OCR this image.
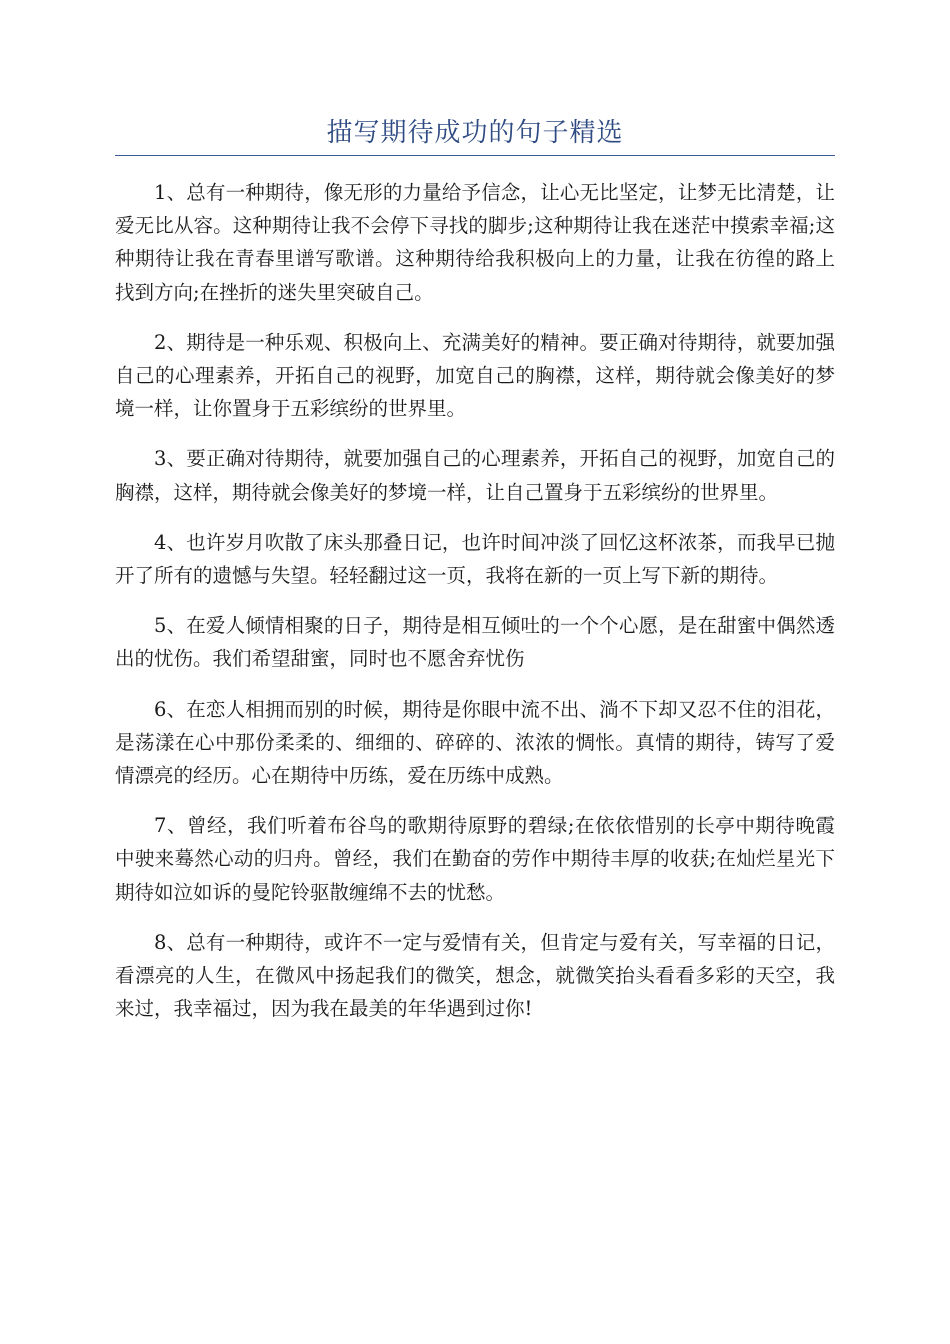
描写期待成功的句子精选

1、总有一种期待，像无形的力量给予信念，让心无比坚定，让梦无比清楚，让爱无比从容。这种期待让我不会停下寻找的脚步;这种期待让我在迷茫中摸索幸福;这种期待让我在青春里谱写歌谱。这种期待给我积极向上的力量，让我在彷徨的路上找到方向;在挫折的迷失里突破自己。

2、期待是一种乐观、积极向上、充满美好的精神。要正确对待期待，就要加强自己的心理素养，开拓自己的视野，加宽自己的胸襟，这样，期待就会像美好的梦境一样，让你置身于五彩缤纷的世界里。

3、要正确对待期待，就要加强自己的心理素养，开拓自己的视野，加宽自己的胸襟，这样，期待就会像美好的梦境一样，让自己置身于五彩缤纷的世界里。

4、也许岁月吹散了床头那叠日记，也许时间冲淡了回忆这杯浓茶，而我早已抛开了所有的遗憾与失望。轻轻翻过这一页，我将在新的一页上写下新的期待。

5、在爱人倾情相聚的日子，期待是相互倾吐的一个个心愿，是在甜蜜中偶然透出的忧伤。我们希望甜蜜，同时也不愿舍弃忧伤

6、在恋人相拥而别的时候，期待是你眼中流不出、淌不下却又忍不住的泪花，是荡漾在心中那份柔柔的、细细的、碎碎的、浓浓的惆怅。真情的期待，铸写了爱情漂亮的经历。心在期待中历练，爱在历练中成熟。

7、曾经，我们听着布谷鸟的歌期待原野的碧绿;在依依惜别的长亭中期待晚霞中驶来蓦然心动的归舟。曾经，我们在勤奋的劳作中期待丰厚的收获;在灿烂星光下期待如泣如诉的曼陀铃驱散缠绵不去的忧愁。

8、总有一种期待，或许不一定与爱情有关，但肯定与爱有关，写幸福的日记，看漂亮的人生，在微风中扬起我们的微笑，想念，就微笑抬头看看多彩的天空，我来过，我幸福过，因为我在最美的年华遇到过你!
